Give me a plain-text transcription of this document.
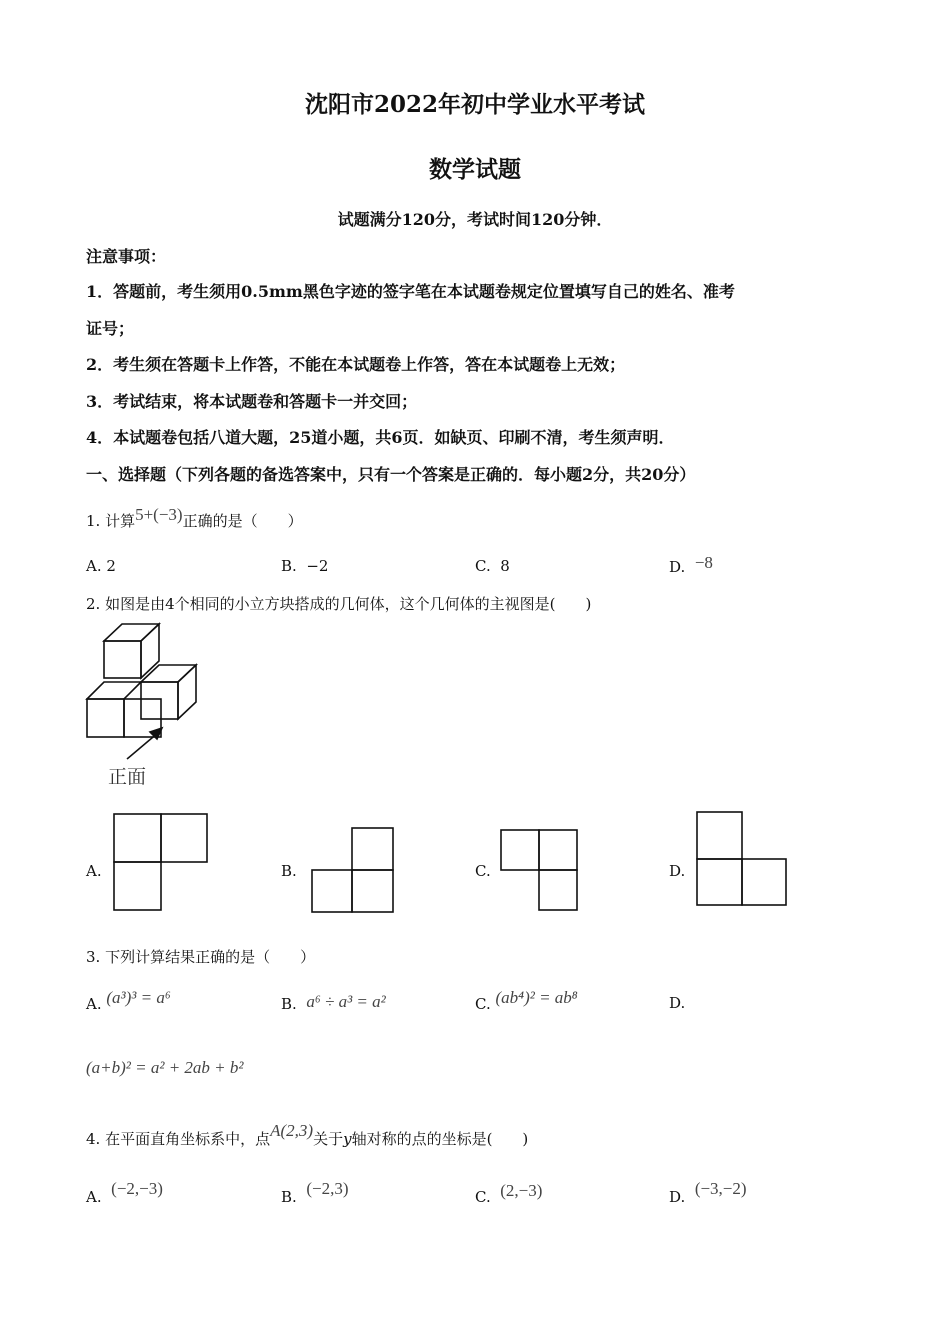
沈阳市2022年初中学业水平考试
数学试题
试题满分120分，考试时间120分钟．
注意事项：
1．答题前，考生须用0.5mm黑色字迹的签字笔在本试题卷规定位置填写自己的姓名、准考
证号；
2．考生须在答题卡上作答，不能在本试题卷上作答，答在本试题卷上无效；
3．考试结束，将本试题卷和答题卡一并交回；
4．本试题卷包括八道大题，25道小题，共6页．如缺页、印刷不清，考生须声明．
一、选择题（下列各题的备选答案中，只有一个答案是正确的．每小题2分，共20分）
1. 计算5+(−3)正确的是（　　）
A. 2	B. −2	C. 8	D. −8
2. 如图是由4个相同的小立方块搭成的几何体，这个几何体的主视图是(　　)
正面
A.	B.	C.	D.
3. 下列计算结果正确的是（　　）
A. (a³)³ = a⁶	B. a⁶ ÷ a³ = a²	C. (ab⁴)² = ab⁸	D.
(a+b)² = a² + 2ab + b²
4. 在平面直角坐标系中，点A(2,3)关于y轴对称的点的坐标是(　　)
A. (−2,−3)	B. (−2,3)	C. (2,−3)	D. (−3,−2)
